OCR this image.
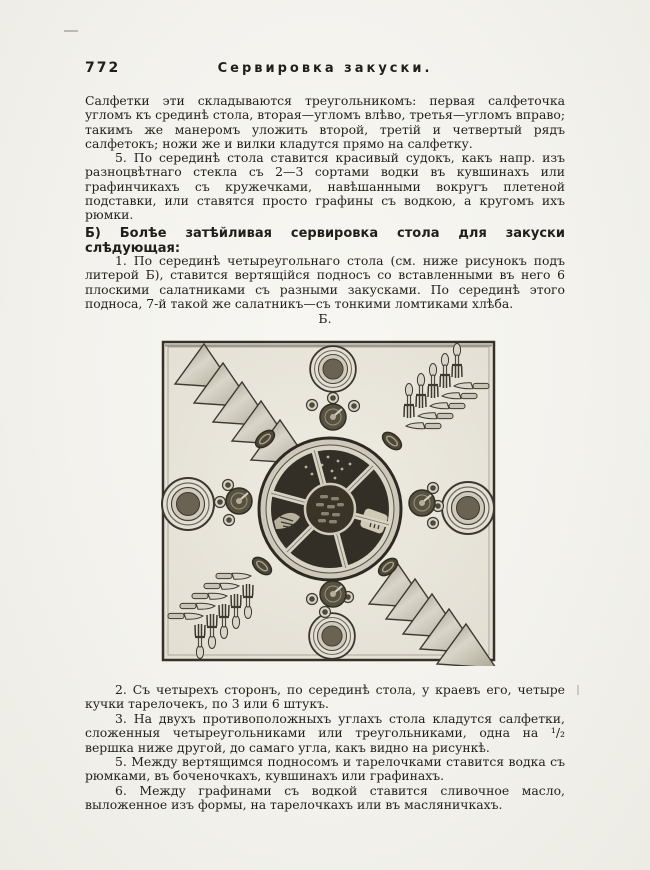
772	Сервировка закуски.

Салфетки эти складываются треугольникомъ: первая салфеточка угломъ къ срединѣ стола, вторая—угломъ влѣво, третья—угломъ вправо; такимъ же манеромъ уложить второй, третій и четвертый рядъ салфетокъ; ножи же и вилки кладутся прямо на салфетку.

5. По серединѣ стола ставится красивый судокъ, какъ напр. изъ разноцвѣтнаго стекла съ 2—3 сортами водки въ кувшинахъ или графинчикахъ съ кружечками, навѣшанными вокругъ плетеной подставки, или ставятся просто графины съ водкою, а кругомъ ихъ рюмки.

Б) Болѣе затѣйливая сервировка стола для закуски слѣдующая:

1. По серединѣ четыреугольнаго стола (см. ниже рисунокъ подъ литерой Б), ставится вертящійся подносъ со вставленными въ него 6 плоскими салатниками съ разными закусками. По серединѣ этого подноса, 7-й такой же салатникъ—съ тонкими ломтиками хлѣба.

Б.

2. Съ четырехъ сторонъ, по серединѣ стола, у краевъ его, четыре кучки тарелочекъ, по 3 или 6 штукъ.

3. На двухъ противоположныхъ углахъ стола кладутся салфетки, сложенныя четыреугольниками или треугольниками, одна на ¹/₂ вершка ниже другой, до самаго угла, какъ видно на рисункѣ.

5. Между вертящимся подносомъ и тарелочками ставится водка съ рюмками, въ боченочкахъ, кувшинахъ или графинахъ.

6. Между графинами съ водкой ставится сливочное масло, выложенное изъ формы, на тарелочкахъ или въ масляничкахъ.
